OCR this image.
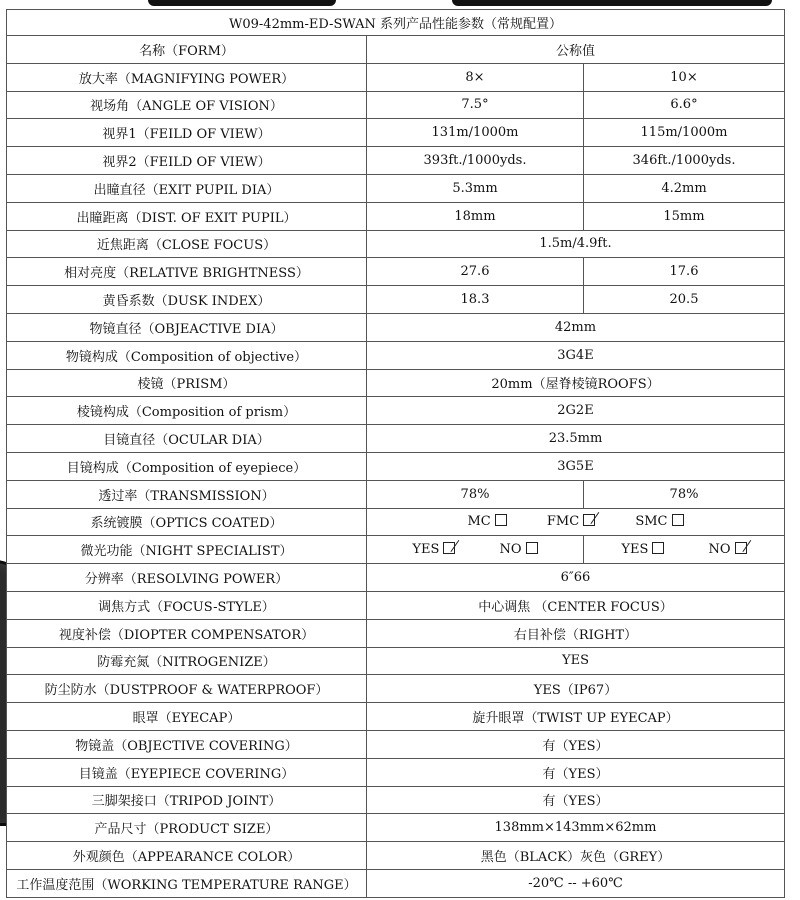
W09-42mm-ED-SWAN 系列产品性能参数（常规配置）		
名称（FORM）	公称值	
放大率（MAGNIFYING POWER）	8×	10×
视场角（ANGLE OF VISION）	7.5°	6.6°
视界1（FEILD OF VIEW）	131m/1000m	115m/1000m
视界2（FEILD OF VIEW）	393ft./1000yds.	346ft./1000yds.
出瞳直径（EXIT PUPIL DIA）	5.3mm	4.2mm
出瞳距离（DIST. OF EXIT PUPIL）	18mm	15mm
近焦距离（CLOSE FOCUS）	1.5m/4.9ft.	
相对亮度（RELATIVE BRIGHTNESS）	27.6	17.6
黄昏系数（DUSK INDEX）	18.3	20.5
物镜直径（OBJEACTIVE DIA）	42mm	
物镜构成（Composition of objective）	3G4E	
棱镜（PRISM）	20mm（屋脊棱镜ROOFS）	
棱镜构成（Composition of prism）	2G2E	
目镜直径（OCULAR DIA）	23.5mm	
目镜构成（Composition of eyepiece）	3G5E	
透过率（TRANSMISSION）	78%	78%
系统镀膜（OPTICS COATED）	MC FMC SMC	
微光功能（NIGHT SPECIALIST）	YES NO	YES NO
分辨率（RESOLVING POWER）	6″66	
调焦方式（FOCUS-STYLE）	中心调焦 （CENTER FOCUS）	
视度补偿（DIOPTER COMPENSATOR）	右目补偿（RIGHT）	
防霉充氮（NITROGENIZE）	YES	
防尘防水（DUSTPROOF & WATERPROOF）	YES（IP67）	
眼罩（EYECAP）	旋升眼罩（TWIST UP EYECAP）	
物镜盖（OBJECTIVE COVERING）	有（YES）	
目镜盖（EYEPIECE COVERING）	有（YES）	
三脚架接口（TRIPOD JOINT）	有（YES）	
产品尺寸（PRODUCT SIZE）	138mm×143mm×62mm	
外观颜色（APPEARANCE COLOR）	黑色（BLACK）灰色（GREY）	
工作温度范围（WORKING TEMPERATURE RANGE）	-20℃ -- +60℃	
